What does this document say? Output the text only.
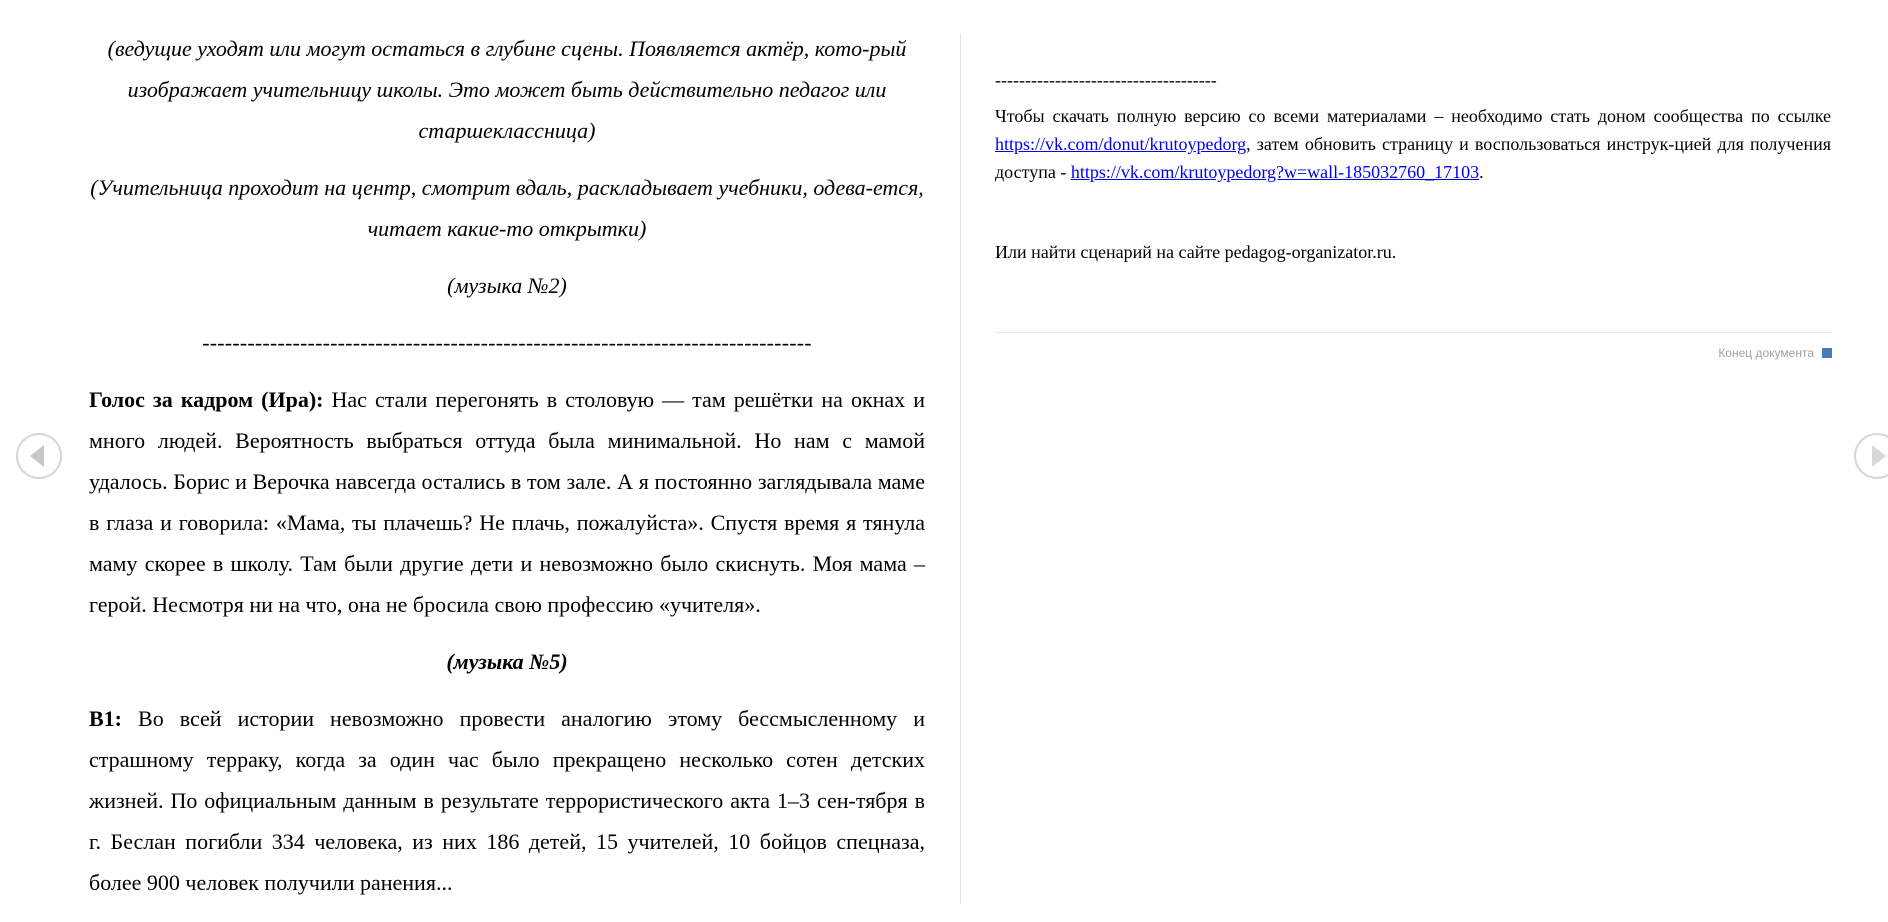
(ведущие уходят или могут остаться в глубине сцены. Появляется актёр, кото-рый изображает учительницу школы. Это может быть действительно педагог или старшеклассница)

(Учительница проходит на центр, смотрит вдаль, раскладывает учебники, одева-ется, читает какие-то открытки)

(музыка №2)

---------------------------------------------------------------------------------

Голос за кадром (Ира): Нас стали перегонять в столовую — там решётки на окнах и много людей. Вероятность выбраться оттуда была минимальной. Но нам с мамой удалось. Борис и Верочка навсегда остались в том зале. А я постоянно заглядывала маме в глаза и говорила: «Мама, ты плачешь? Не плачь, пожалуйста». Спустя время я тянула маму скорее в школу. Там были другие дети и невозможно было скиснуть. Моя мама – герой. Несмотря ни на что, она не бросила свою профессию «учителя».

(музыка №5)

В1: Во всей истории невозможно провести аналогию этому бессмысленному и страшному терраку, когда за один час было прекращено несколько сотен детских жизней. По официальным данным в результате террористического акта 1–3 сен-тября в г. Беслан погибли 334 человека, из них 186 детей, 15 учителей, 10 бойцов спецназа, более 900 человек получили ранения...

-------------------------------------

Чтобы скачать полную версию со всеми материалами – необходимо стать доном сообщества по ссылке https://vk.com/donut/krutoypedorg, затем обновить страницу и воспользоваться инструк-цией для получения доступа - https://vk.com/krutoypedorg?w=wall-185032760_17103.

Или найти сценарий на сайте pedagog-organizator.ru.

Конец документа
